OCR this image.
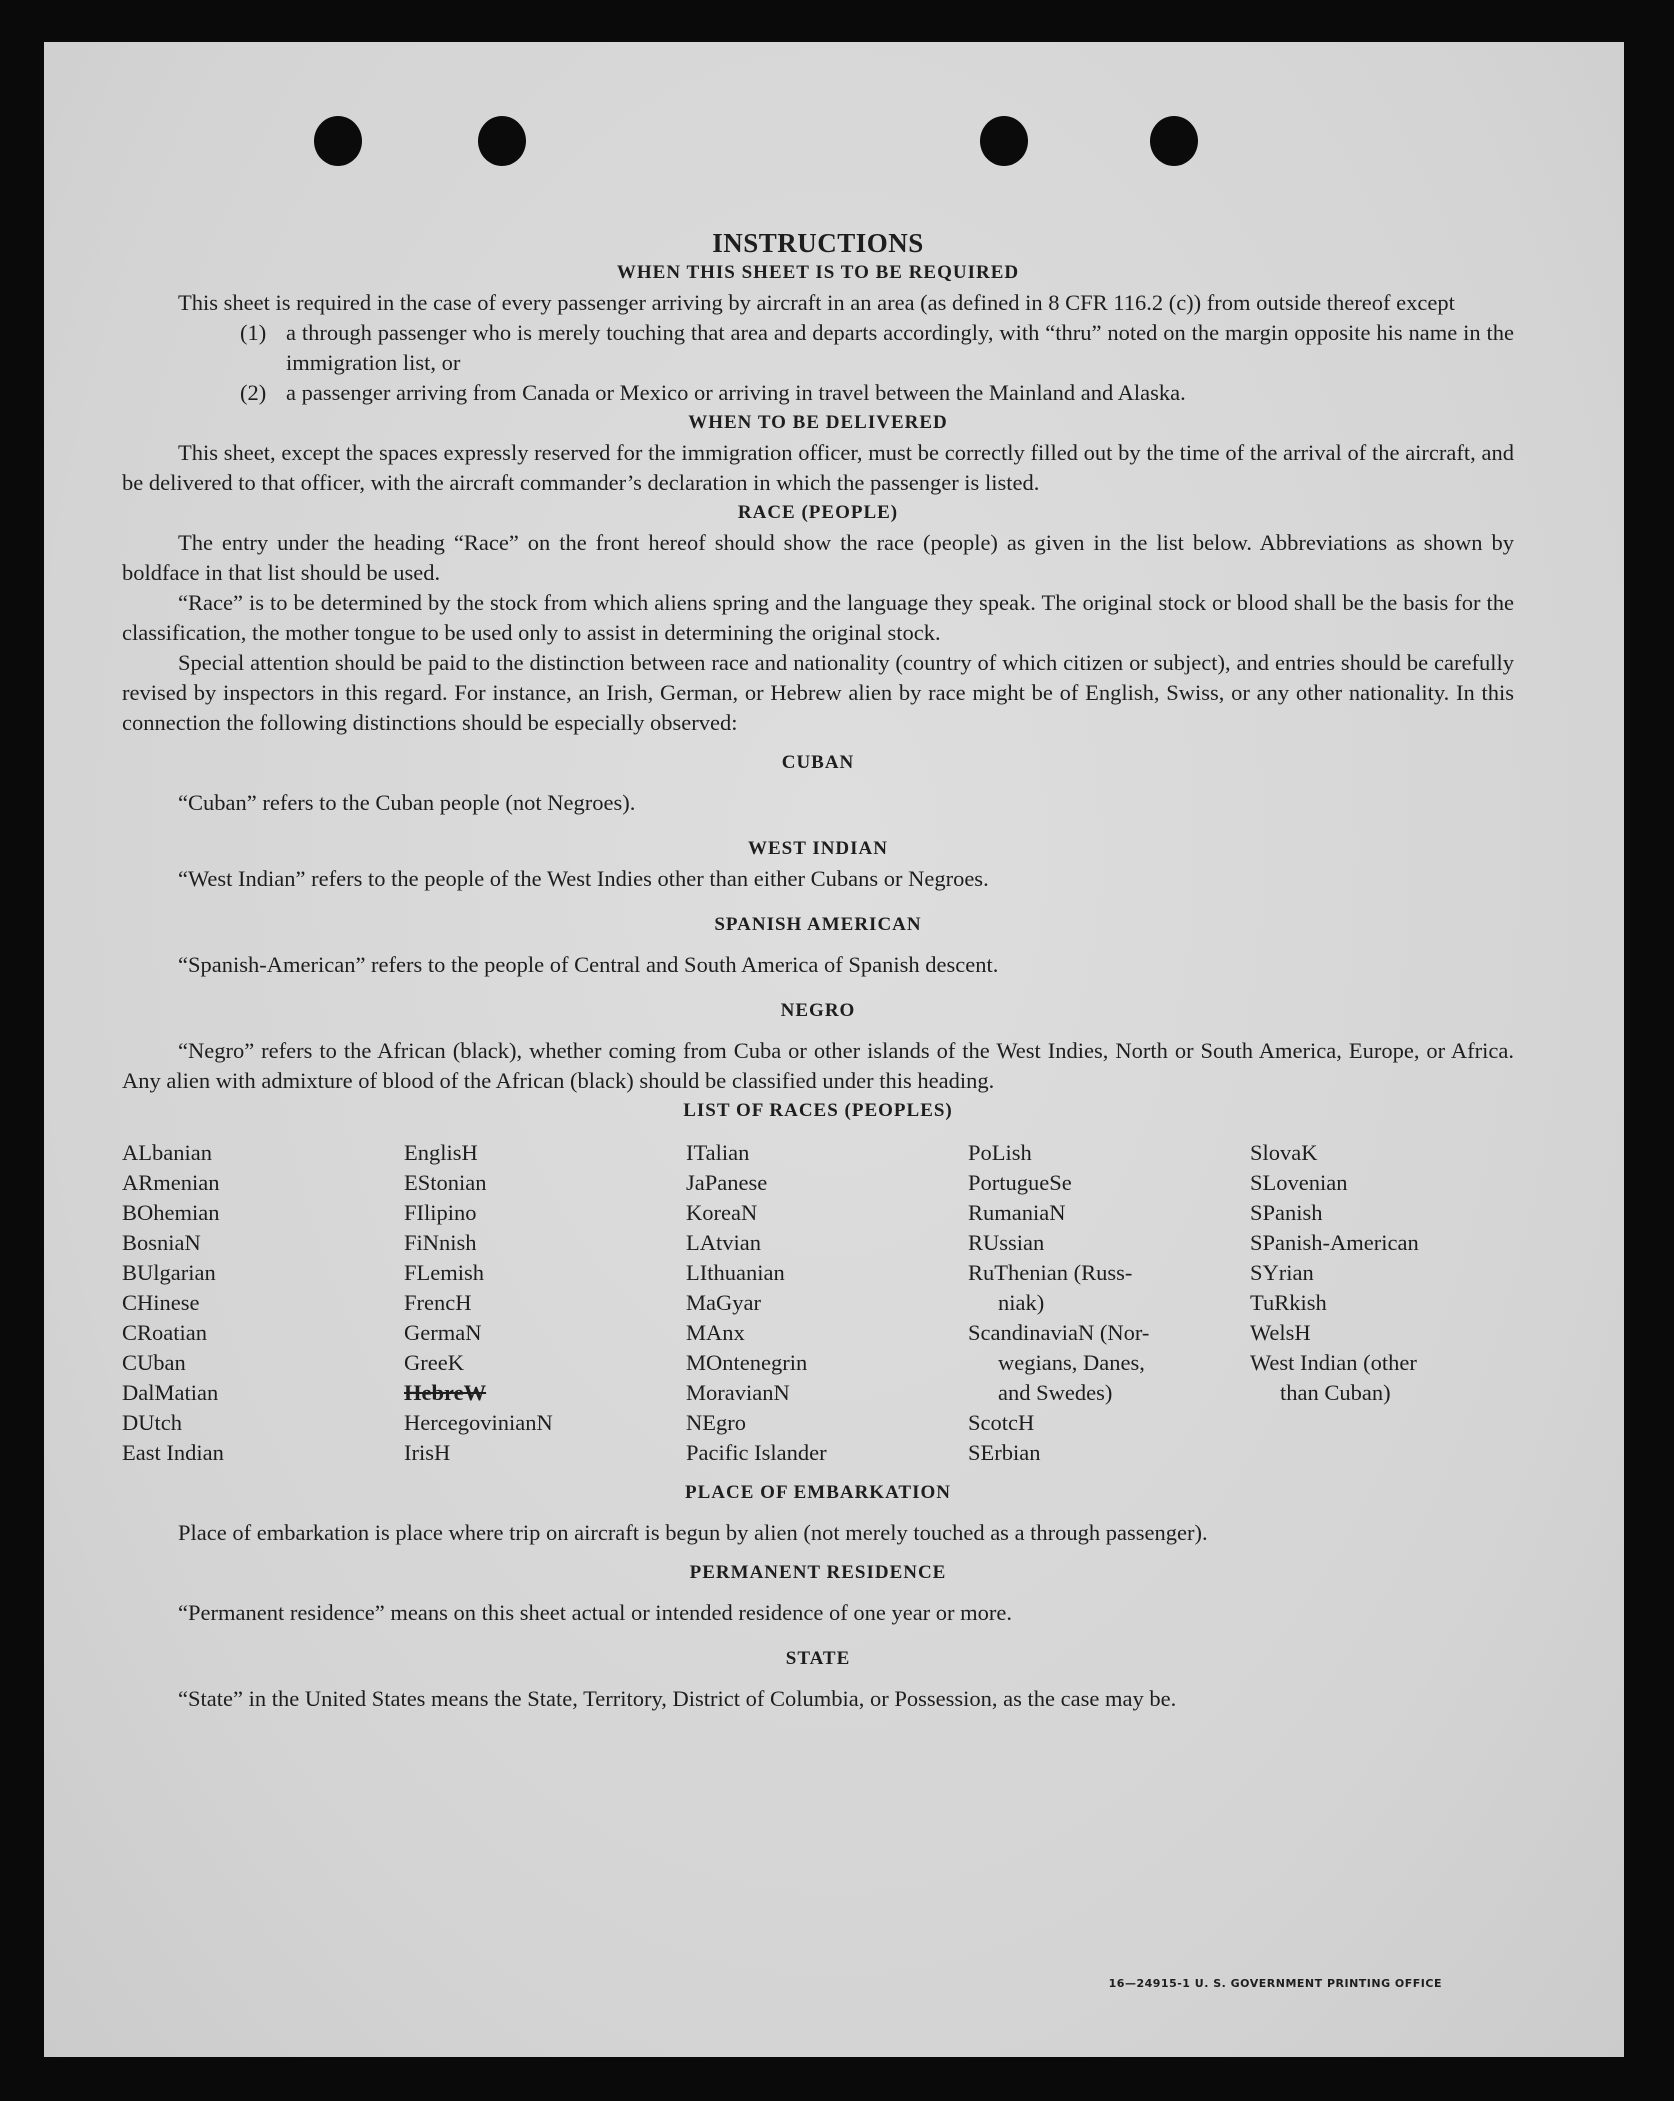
INSTRUCTIONS
WHEN THIS SHEET IS TO BE REQUIRED

This sheet is required in the case of every passenger arriving by aircraft in an area (as defined in 8 CFR 116.2 (c)) from outside thereof except

(1) a through passenger who is merely touching that area and departs accordingly, with “thru” noted on the margin opposite his name in the immigration list, or
(2) a passenger arriving from Canada or Mexico or arriving in travel between the Mainland and Alaska.
WHEN TO BE DELIVERED

This sheet, except the spaces expressly reserved for the immigration officer, must be correctly filled out by the time of the arrival of the aircraft, and be delivered to that officer, with the aircraft commander’s declaration in which the passenger is listed.

RACE (PEOPLE)

The entry under the heading “Race” on the front hereof should show the race (people) as given in the list below. Abbreviations as shown by boldface in that list should be used.

“Race” is to be determined by the stock from which aliens spring and the language they speak. The original stock or blood shall be the basis for the classification, the mother tongue to be used only to assist in determining the original stock.

Special attention should be paid to the distinction between race and nationality (country of which citizen or subject), and entries should be carefully revised by inspectors in this regard. For instance, an Irish, German, or Hebrew alien by race might be of English, Swiss, or any other nationality. In this connection the following distinctions should be especially observed:

CUBAN

“Cuban” refers to the Cuban people (not Negroes).

WEST INDIAN

“West Indian” refers to the people of the West Indies other than either Cubans or Negroes.

SPANISH AMERICAN

“Spanish-American” refers to the people of Central and South America of Spanish descent.

NEGRO

“Negro” refers to the African (black), whether coming from Cuba or other islands of the West Indies, North or South America, Europe, or Africa. Any alien with admixture of blood of the African (black) should be classified under this heading.

LIST OF RACES (PEOPLES)
ALbanian
ARmenian
BOhemian
BosniaN
BUlgarian
CHinese
CRoatian
CUban
DalMatian
DUtch
East Indian
EnglisH
EStonian
FIlipino
FiNnish
FLemish
FrencH
GermaN
GreeK
HebreW
HercegovinianN
IrisH
ITalian
JaPanese
KoreaN
LAtvian
LIthuanian
MaGyar
MAnx
MOntenegrin
MoravianN
NEgro
Pacific Islander
PoLish
PortugueSe
RumaniaN
RUssian
RuThenian (Russ-
niak)
ScandinaviaN (Nor-
wegians, Danes,
and Swedes)
ScotcH
SErbian
SlovaK
SLovenian
SPanish
SPanish-American
SYrian
TuRkish
WelsH
West Indian (other
than Cuban)
PLACE OF EMBARKATION

Place of embarkation is place where trip on aircraft is begun by alien (not merely touched as a through passenger).

PERMANENT RESIDENCE

“Permanent residence” means on this sheet actual or intended residence of one year or more.

STATE

“State” in the United States means the State, Territory, District of Columbia, or Possession, as the case may be.

16—24915-1 U. S. GOVERNMENT PRINTING OFFICE
